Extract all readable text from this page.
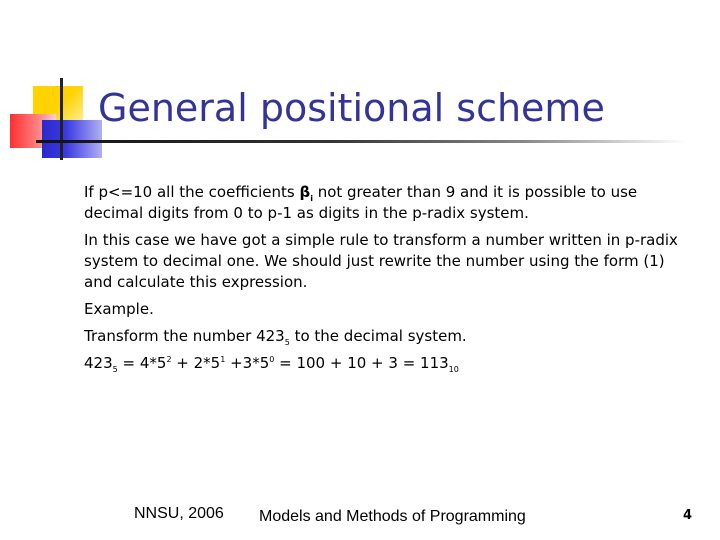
General positional scheme

If p<=10 all the coefficients $\beta_i$ not greater than 9 and it is possible to use decimal digits from 0 to p-1 as digits in the p-radix system.

In this case we have got a simple rule to transform a number written in p-radix system to decimal one. We should just rewrite the number using the form (1) and calculate this expression.

Example.

Transform the number $423_5$ to the decimal system.

$423_5 = 4*5^2 + 2*5^1 +3*5^0 = 100 + 10 + 3 = 113_{10}$

NNSU, 2006 Models and Methods of Programming	4
